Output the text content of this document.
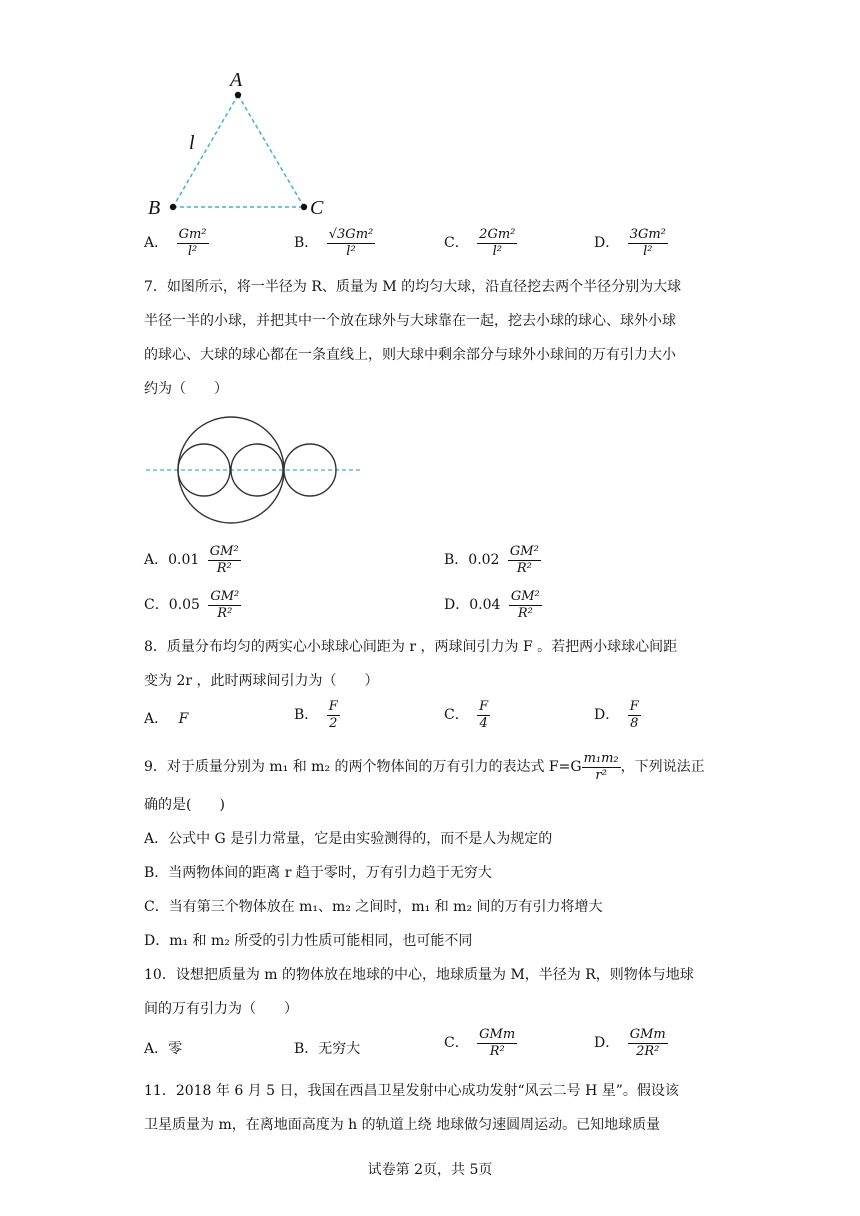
A
B	C
l
A． $\frac{\text{Gm²}}{\text{l²}}$	B． $\frac{\text{√3Gm²}}{\text{l²}}$	C． $\frac{\text{2Gm²}}{\text{l²}}$	D． $\frac{\text{3Gm²}}{\text{l²}}$
7．如图所示，将一半径为 R、质量为 M 的均匀大球，沿直径挖去两个半径分别为大球
半径一半的小球，并把其中一个放在球外与大球靠在一起，挖去小球的球心、球外小球
的球心、大球的球心都在一条直线上，则大球中剩余部分与球外小球间的万有引力大小
约为（　　）
A．$0.01 \frac{\text{GM²}}{\text{R²}}$	B．$0.02 \frac{\text{GM²}}{\text{R²}}$
C．$0.05 \frac{\text{GM²}}{\text{R²}}$	D．$0.04 \frac{\text{GM²}}{\text{R²}}$
8．质量分布均匀的两实心小球球心间距为 r ，两球间引力为 F 。若把两小球球心间距
变为 2r ，此时两球间引力为（　　）
A． F	B． $\frac{F}{2}$	C． $\frac{F}{4}$	D． $\frac{F}{8}$
9．对于质量分别为 m₁ 和 m₂ 的两个物体间的万有引力的表达式 $F=G \frac{\text{m₁m₂}}{\text{r²}}$ ，下列说法正
确的是(　　)
A．公式中 G 是引力常量，它是由实验测得的，而不是人为规定的
B．当两物体间的距离 r 趋于零时，万有引力趋于无穷大
C．当有第三个物体放在 m₁、m₂ 之间时，m₁ 和 m₂ 间的万有引力将增大
D．m₁ 和 m₂ 所受的引力性质可能相同，也可能不同
10．设想把质量为 m 的物体放在地球的中心，地球质量为 M，半径为 R，则物体与地球
间的万有引力为（　　）
A．零	B．无穷大	C． $\frac{\text{GMm}}{\text{R²}}$	D． $\frac{\text{GMm}}{\text{2R²}}$
11．2018 年 6 月 5 日，我国在西昌卫星发射中心成功发射“风云二号 H 星”。假设该
卫星质量为 m，在离地面高度为 h 的轨道上绕 地球做匀速圆周运动。已知地球质量
试卷第 2页，共 5页
